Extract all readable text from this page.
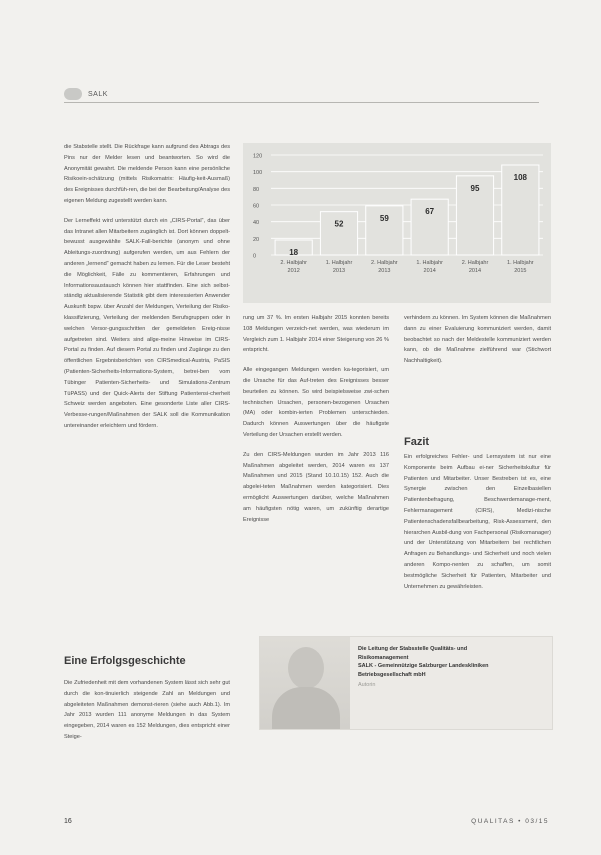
SALK

die Stabstelle stellt. Die Rückfrage kann aufgrund des Abtrags des Pins nur der Melder lesen und beantworten. So wird die Anonymität gewahrt. Die meldende Person kann eine persönliche Risikoein-schätzung (mittels Risikomatrix: Häufig-keit-Ausmaß) des Ereignisses durchfüh-ren, die bei der Bearbeitung/Analyse des eigenen Meldung zugestellt werden kann.

Der Lerneffekt wird unterstützt durch ein „CIRS-Portal“, das über das Intranet allen Mitarbeitern zugänglich ist. Dort können doppelt-bewusst ausgewählte SALK-Fall-berichte (anonym und ohne Ableitungs-zuordnung) aufgerufen werden, um aus Fehlern der anderen „lernend“ gemacht haben zu lernen. Für die Leser besteht die Möglichkeit, Fälle zu kommentieren, Erfahrungen und Informationsaustausch können hier stattfinden. Eine sich selbst-ständig aktualisierende Statistik gibt dem interessierten Anwender Auskunft bspw. über Anzahl der Meldungen, Verteilung der Risiko-klassifizierung, Verteilung der meldenden Berufsgruppen oder in welchen Versor-gungsschritten der gemeldeten Ereig-nisse aufgetreten sind. Weiters sind allge-meine Hinweise im CIRS-Portal zu finden. Auf diesem Portal zu finden und Zugänge zu den öffentlichen Ergebnisberichten von CIRSmedical-Austria, PaSIS (Patienten-Sicherheits-Informations-System, betrei-ben vom Tübinger Patienten-Sicherheits- und Simulations-Zentrum TüPASS) und der Quick-Alerts der Stiftung Patientensi-cherheit Schweiz werden angeboten. Eine gesonderte Liste aller CIRS-Verbesse-rungen/Maßnahmen der SALK soll die Kommunikation untereinander erleichtern und fördern.

0
20
40
60
80
100
120
18
2. Halbjahr
2012
52
1. Halbjahr
2013
59
2. Halbjahr
2013
67
1. Halbjahr
2014
95
2. Halbjahr
2014
108
1. Halbjahr
2015

rung um 37 %. Im ersten Halbjahr 2015 konnten bereits 108 Meldungen verzeich-net werden, was wiederum im Vergleich zum 1. Halbjahr 2014 einer Steigerung von 26 % entspricht.

Alle eingegangen Meldungen werden ka-tegorisiert, um die Ursache für das Auf-treten des Ereignisses besser beurteilen zu können. So wird beispielsweise zwi-schen technischen Ursachen, personen-bezogenen Ursachen (MA) oder kombin-ierten Problemen unterschieden. Dadurch können Auswertungen über die häufigste Verteilung der Ursachen erstellt werden.

Zu den CIRS-Meldungen wurden im Jahr 2013 116 Maßnahmen abgeleitet werden, 2014 waren es 137 Maßnahmen und 2015 (Stand 10.10.15) 152. Auch die abgelei-teten Maßnahmen werden kategorisiert. Dies ermöglicht Auswertungen darüber, welche Maßnahmen am häufigsten nötig waren, um zukünftig derartige Ereignisse

verhindern zu können. Im System können die Maßnahmen dann zu einer Evaluierung kommuniziert werden, damit beobachtet so nach der Meldestelle kommuniziert werden kann, ob die Maßnahme zielführend war (Stichwort Nachhaltigkeit).

Fazit

Ein erfolgreiches Fehler- und Lernsystem ist nur eine Komponente beim Aufbau ei-ner Sicherheitskultur für Patienten und Mitarbeiter. Unser Bestreben ist es, eine Synergie zwischen den Einzelbasiellen Patientenbefragung, Beschwerdemanage-ment, Fehlermanagement (CIRS), Medizi-nische Patientenschadensfallbearbeitung, Risk-Assessment, den hierarchen Ausbil-dung von Fachpersonal (Risikomanager) und der Unterstützung von Mitarbeitern bei rechtlichen Anfragen zu Behandlungs- und Sicherheit und noch vielen anderen Kompo-nenten zu schaffen, um somit bestmögliche Sicherheit für Patienten, Mitarbeiter und Unternehmen zu gewährleisten.

Eine Erfolgsgeschichte

Die Zufriedenheit mit dem vorhandenen System lässt sich sehr gut durch die kon-tinuierlich steigende Zahl an Meldungen und abgeleiteten Maßnahmen demonst-rieren (siehe auch Abb.1). Im Jahr 2013 wurden 111 anonyme Meldungen in das System eingegeben, 2014 waren es 152 Meldungen, dies entspricht einer Steige-

Die Leitung der Stabsstelle Qualitäts- und
Risikomanagement
SALK - Gemeinnützige Salzburger Landeskliniken
Betriebsgesellschaft mbH
Autorin
16	QUALITAS • 03/15
